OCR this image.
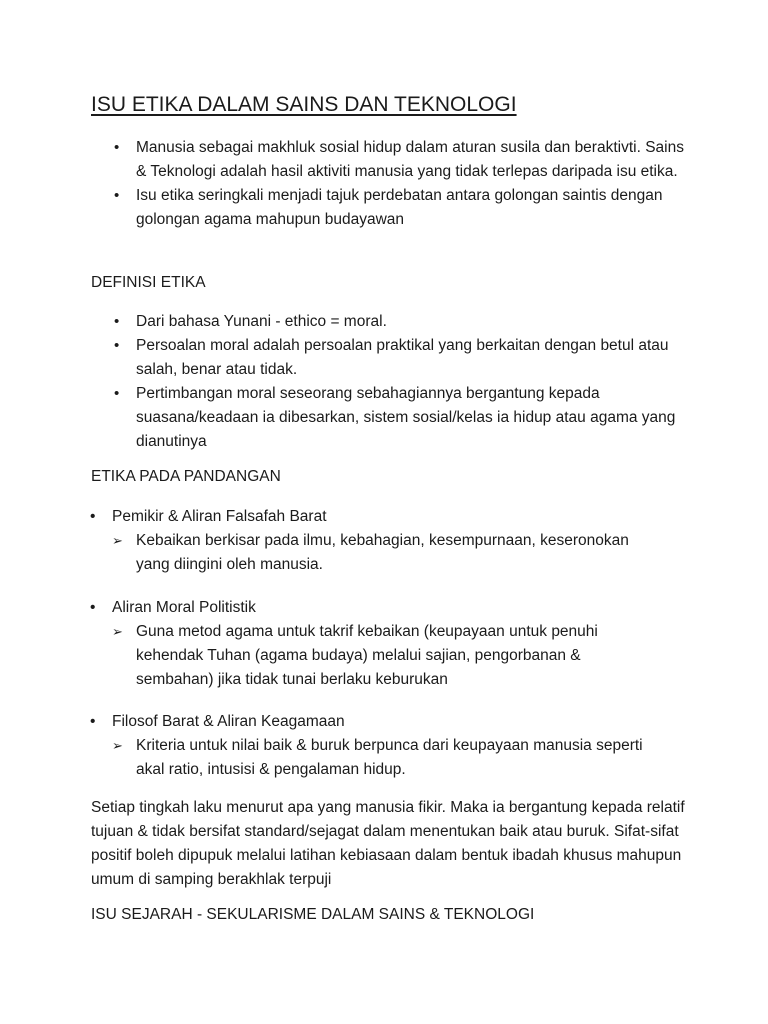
ISU ETIKA DALAM SAINS DAN TEKNOLOGI
• Manusia sebagai makhluk sosial hidup dalam aturan susila dan beraktivti. Sains & Teknologi adalah hasil aktiviti manusia yang tidak terlepas daripada isu etika.
• Isu etika seringkali menjadi tajuk perdebatan antara golongan saintis dengan golongan agama mahupun budayawan
DEFINISI ETIKA
• Dari bahasa Yunani - ethico = moral.
• Persoalan moral adalah persoalan praktikal yang berkaitan dengan betul atau salah, benar atau tidak.
• Pertimbangan moral seseorang sebahagiannya bergantung kepada suasana/keadaan ia dibesarkan, sistem sosial/kelas ia hidup atau agama yang dianutinya
ETIKA PADA PANDANGAN
• Pemikir & Aliran Falsafah Barat
➢ Kebaikan berkisar pada ilmu, kebahagian, kesempurnaan, keseronokan yang diingini oleh manusia.
• Aliran Moral Politistik
➢ Guna metod agama untuk takrif kebaikan (keupayaan untuk penuhi kehendak Tuhan (agama budaya) melalui sajian, pengorbanan & sembahan) jika tidak tunai berlaku keburukan
• Filosof Barat & Aliran Keagamaan
➢ Kriteria untuk nilai baik & buruk berpunca dari keupayaan manusia seperti akal ratio, intusisi & pengalaman hidup.
Setiap tingkah laku menurut apa yang manusia fikir. Maka ia bergantung kepada relatif tujuan & tidak bersifat standard/sejagat dalam menentukan baik atau buruk. Sifat-sifat positif boleh dipupuk melalui latihan kebiasaan dalam bentuk ibadah khusus mahupun umum di samping berakhlak terpuji
ISU SEJARAH - SEKULARISME DALAM SAINS & TEKNOLOGI
